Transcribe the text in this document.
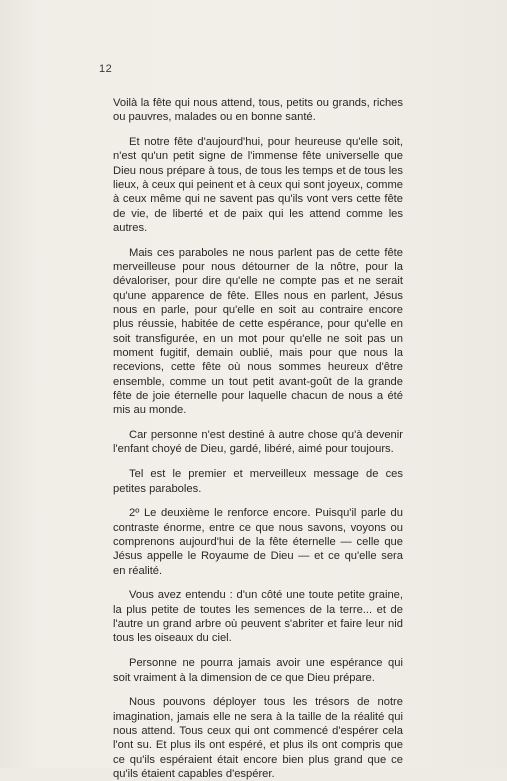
12

Voilà la fête qui nous attend, tous, petits ou grands, riches ou pauvres, malades ou en bonne santé.

Et notre fête d'aujourd'hui, pour heureuse qu'elle soit, n'est qu'un petit signe de l'immense fête universelle que Dieu nous prépare à tous, de tous les temps et de tous les lieux, à ceux qui peinent et à ceux qui sont joyeux, comme à ceux même qui ne savent pas qu'ils vont vers cette fête de vie, de liberté et de paix qui les attend comme les autres.

Mais ces paraboles ne nous parlent pas de cette fête merveilleuse pour nous détourner de la nôtre, pour la dévaloriser, pour dire qu'elle ne compte pas et ne serait qu'une apparence de fête. Elles nous en parlent, Jésus nous en parle, pour qu'elle en soit au contraire encore plus réussie, habitée de cette espérance, pour qu'elle en soit transfigurée, en un mot pour qu'elle ne soit pas un moment fugitif, demain oublié, mais pour que nous la recevions, cette fête où nous sommes heureux d'être ensemble, comme un tout petit avant-goût de la grande fête de joie éternelle pour laquelle chacun de nous a été mis au monde.

Car personne n'est destiné à autre chose qu'à devenir l'enfant choyé de Dieu, gardé, libéré, aimé pour toujours.

Tel est le premier et merveilleux message de ces petites paraboles.

2º Le deuxième le renforce encore. Puisqu'il parle du contraste énorme, entre ce que nous savons, voyons ou comprenons aujourd'hui de la fête éternelle — celle que Jésus appelle le Royaume de Dieu — et ce qu'elle sera en réalité.

Vous avez entendu : d'un côté une toute petite graine, la plus petite de toutes les semences de la terre... et de l'autre un grand arbre où peuvent s'abriter et faire leur nid tous les oiseaux du ciel.

Personne ne pourra jamais avoir une espérance qui soit vraiment à la dimension de ce que Dieu prépare.

Nous pouvons déployer tous les trésors de notre imagination, jamais elle ne sera à la taille de la réalité qui nous attend. Tous ceux qui ont commencé d'espérer cela l'ont su. Et plus ils ont espéré, et plus ils ont compris que ce qu'ils espéraient était encore bien plus grand que ce qu'ils étaient capables d'espérer.
